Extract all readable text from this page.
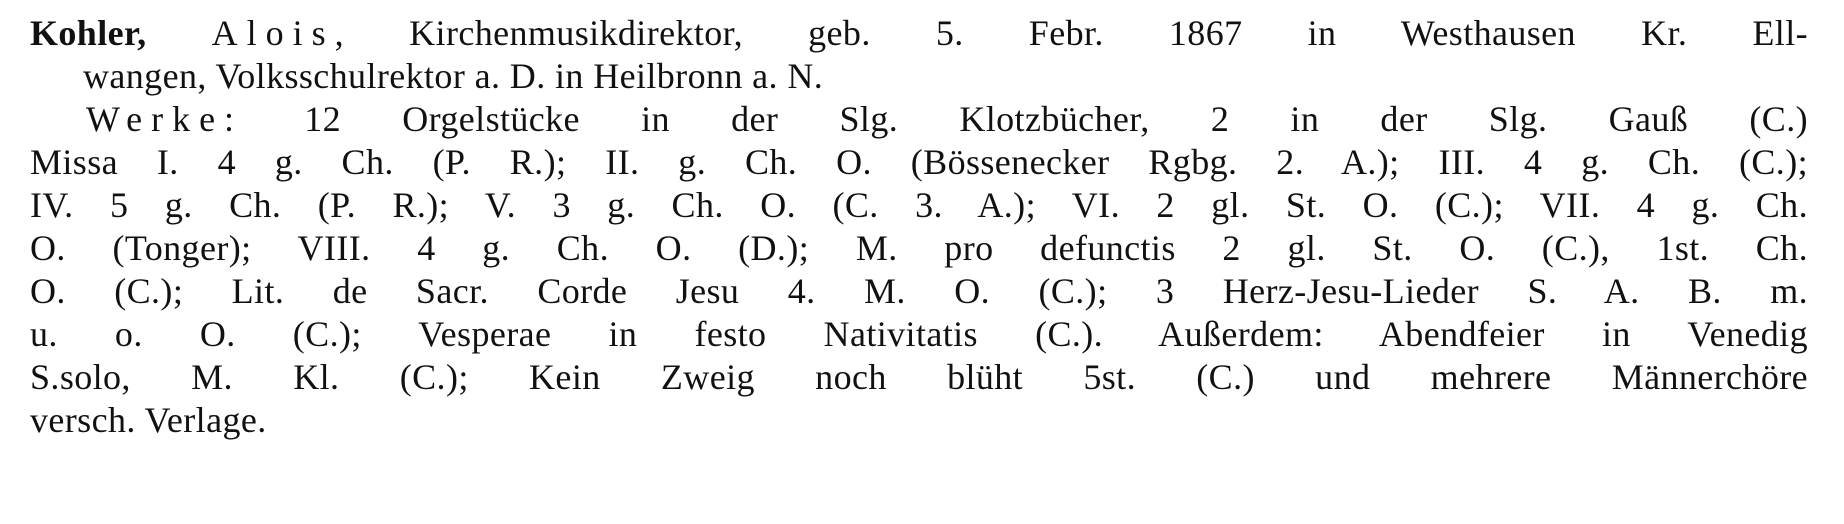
Kohler, Alois, Kirchenmusikdirektor, geb. 5. Febr. 1867 in Westhausen Kr. Ell-
wangen, Volksschulrektor a. D. in Heilbronn a. N.
Werke: 12 Orgelstücke in der Slg. Klotzbücher, 2 in der Slg. Gauß (C.)
Missa I. 4 g. Ch. (P. R.); II. g. Ch. O. (Bössenecker Rgbg. 2. A.); III. 4 g. Ch. (C.);
IV. 5 g. Ch. (P. R.); V. 3 g. Ch. O. (C. 3. A.); VI. 2 gl. St. O. (C.); VII. 4 g. Ch.
O. (Tonger); VIII. 4 g. Ch. O. (D.); M. pro defunctis 2 gl. St. O. (C.), 1st. Ch.
O. (C.); Lit. de Sacr. Corde Jesu 4. M. O. (C.); 3 Herz-Jesu-Lieder S. A. B. m.
u. o. O. (C.); Vesperae in festo Nativitatis (C.). Außerdem: Abendfeier in Venedig
S.solo, M. Kl. (C.); Kein Zweig noch blüht 5st. (C.) und mehrere Männerchöre
versch. Verlage.
